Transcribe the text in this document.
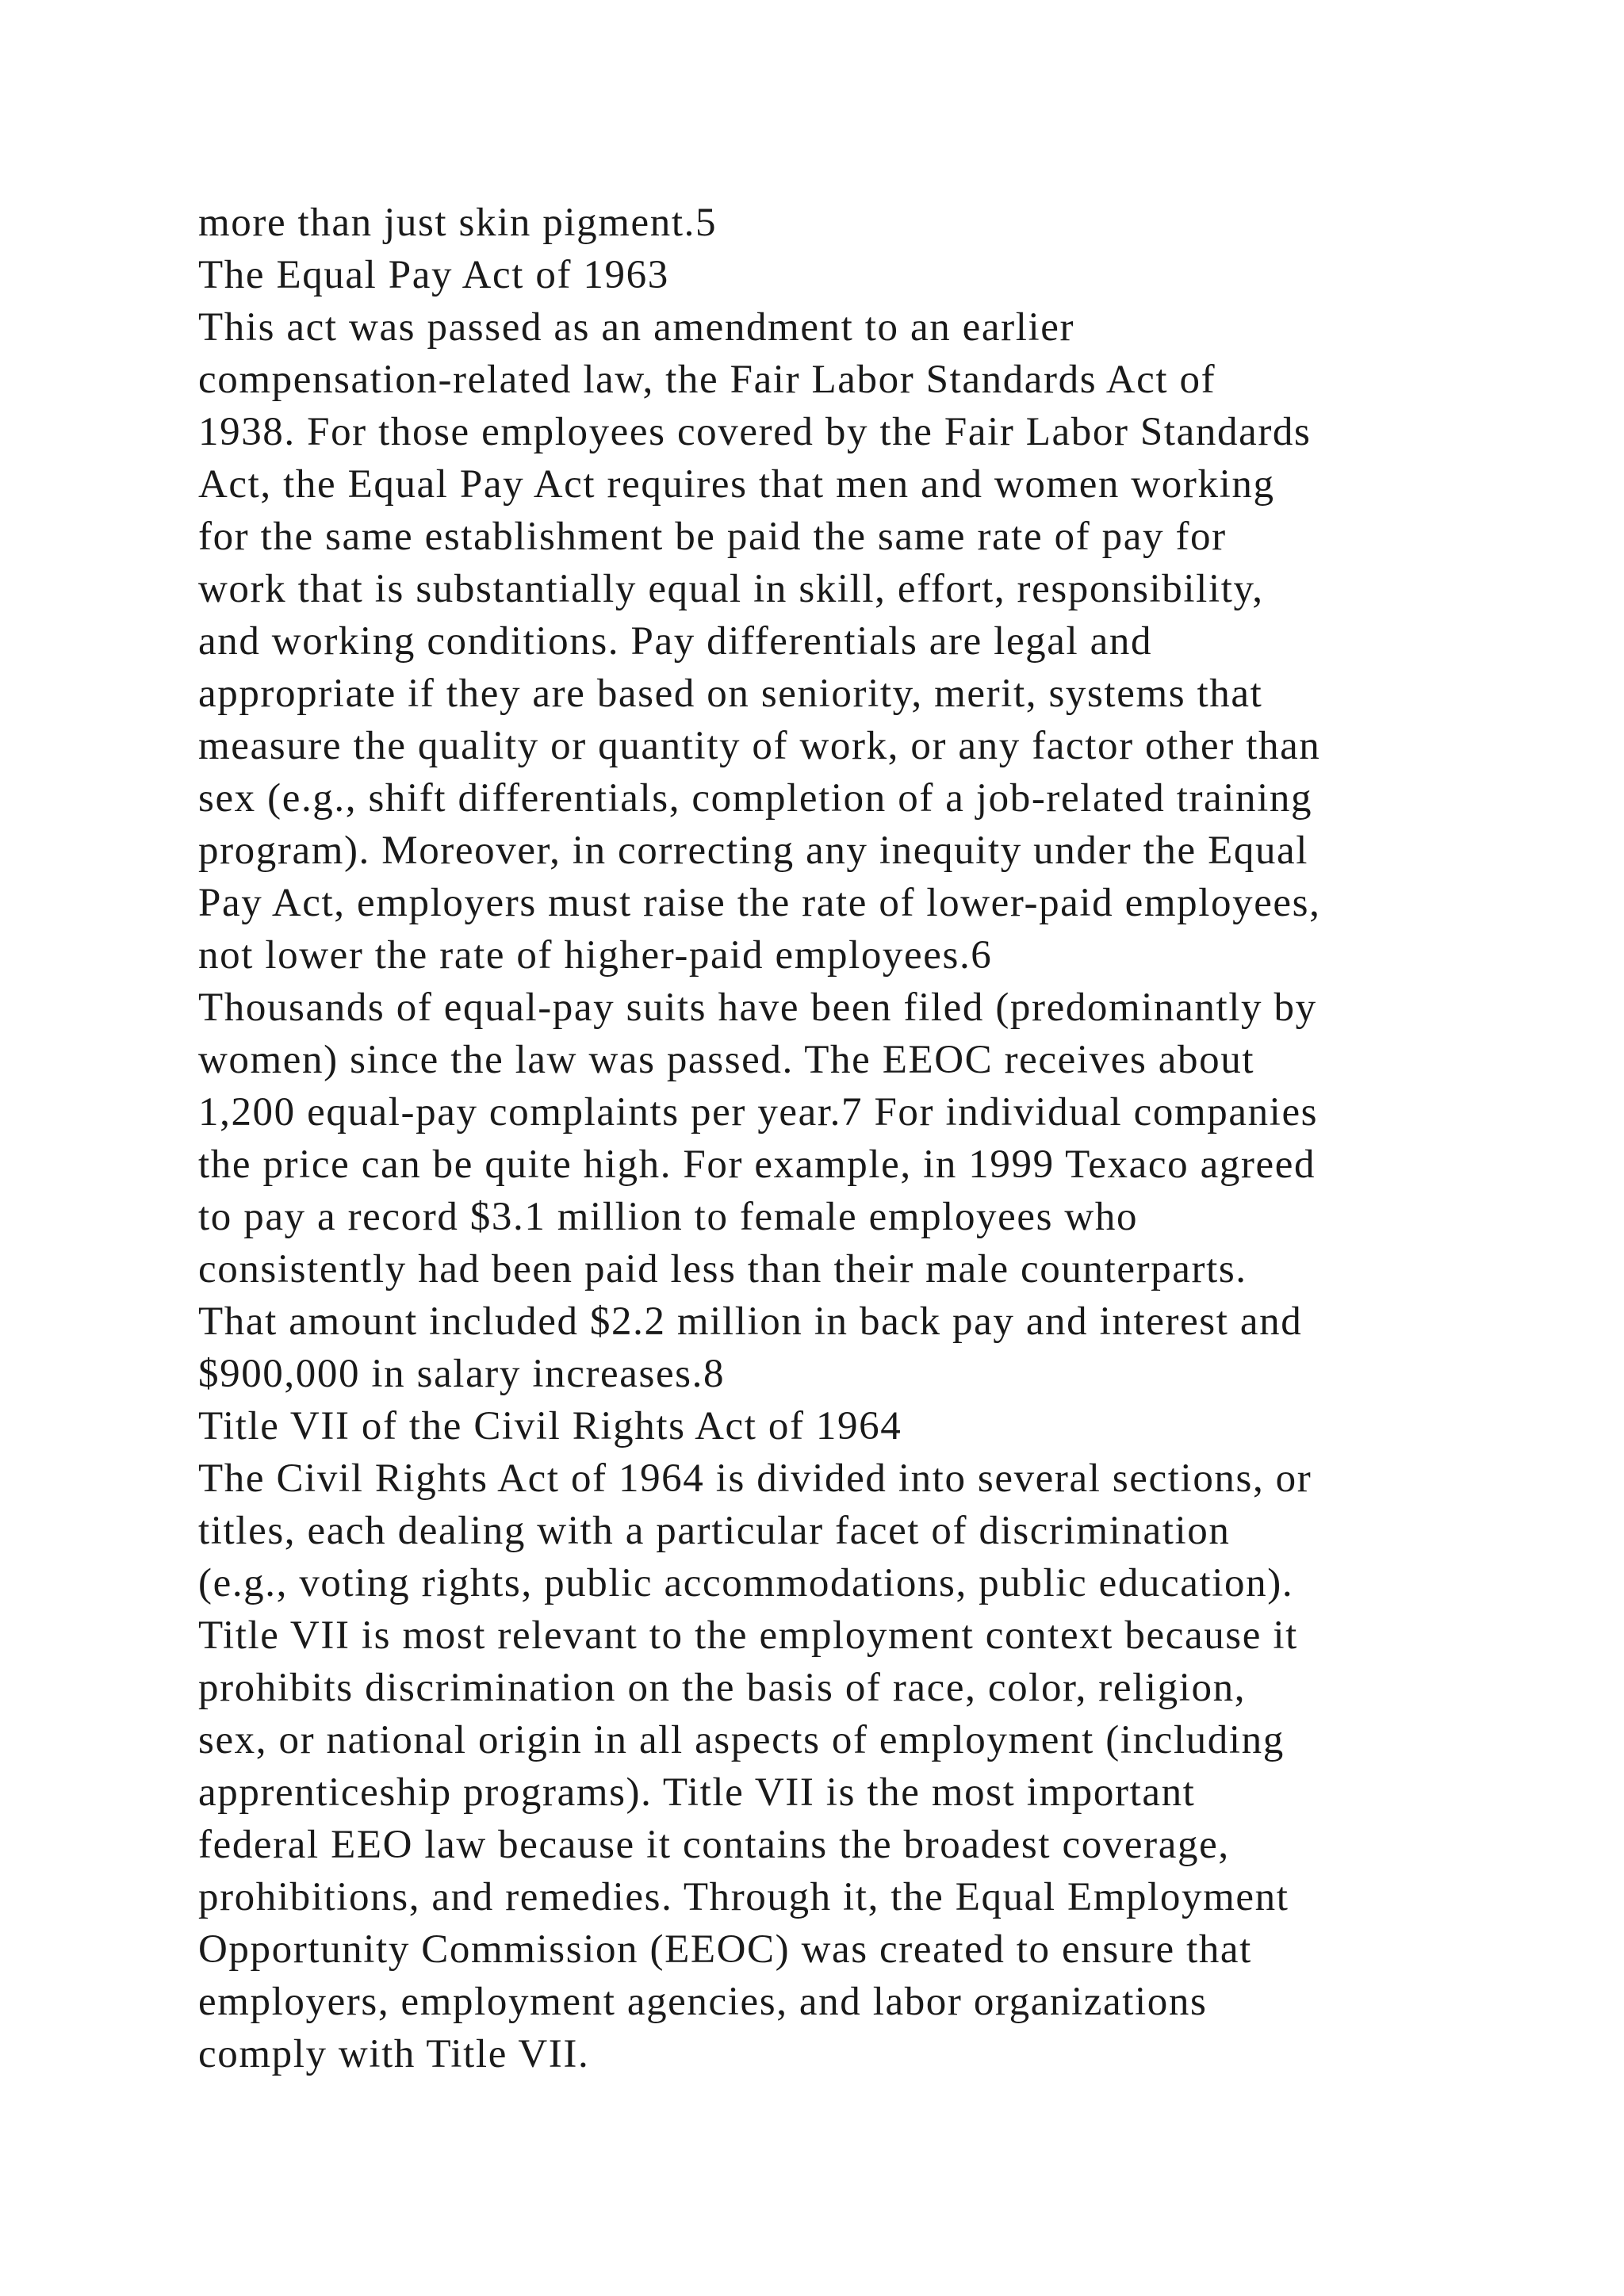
more than just skin pigment.5
The Equal Pay Act of 1963
This act was passed as an amendment to an earlier
compensation-related law, the Fair Labor Standards Act of
1938. For those employees covered by the Fair Labor Standards
Act, the Equal Pay Act requires that men and women working
for the same establishment be paid the same rate of pay for
work that is substantially equal in skill, effort, responsibility,
and working conditions. Pay differentials are legal and
appropriate if they are based on seniority, merit, systems that
measure the quality or quantity of work, or any factor other than
sex (e.g., shift differentials, completion of a job-related training
program). Moreover, in correcting any inequity under the Equal
Pay Act, employers must raise the rate of lower-paid employees,
not lower the rate of higher-paid employees.6
Thousands of equal-pay suits have been filed (predominantly by
women) since the law was passed. The EEOC receives about
1,200 equal-pay complaints per year.7 For individual companies
the price can be quite high. For example, in 1999 Texaco agreed
to pay a record $3.1 million to female employees who
consistently had been paid less than their male counterparts.
That amount included $2.2 million in back pay and interest and
$900,000 in salary increases.8
Title VII of the Civil Rights Act of 1964
The Civil Rights Act of 1964 is divided into several sections, or
titles, each dealing with a particular facet of discrimination
(e.g., voting rights, public accommodations, public education).
Title VII is most relevant to the employment context because it
prohibits discrimination on the basis of race, color, religion,
sex, or national origin in all aspects of employment (including
apprenticeship programs). Title VII is the most important
federal EEO law because it contains the broadest coverage,
prohibitions, and remedies. Through it, the Equal Employment
Opportunity Commission (EEOC) was created to ensure that
employers, employment agencies, and labor organizations
comply with Title VII.
